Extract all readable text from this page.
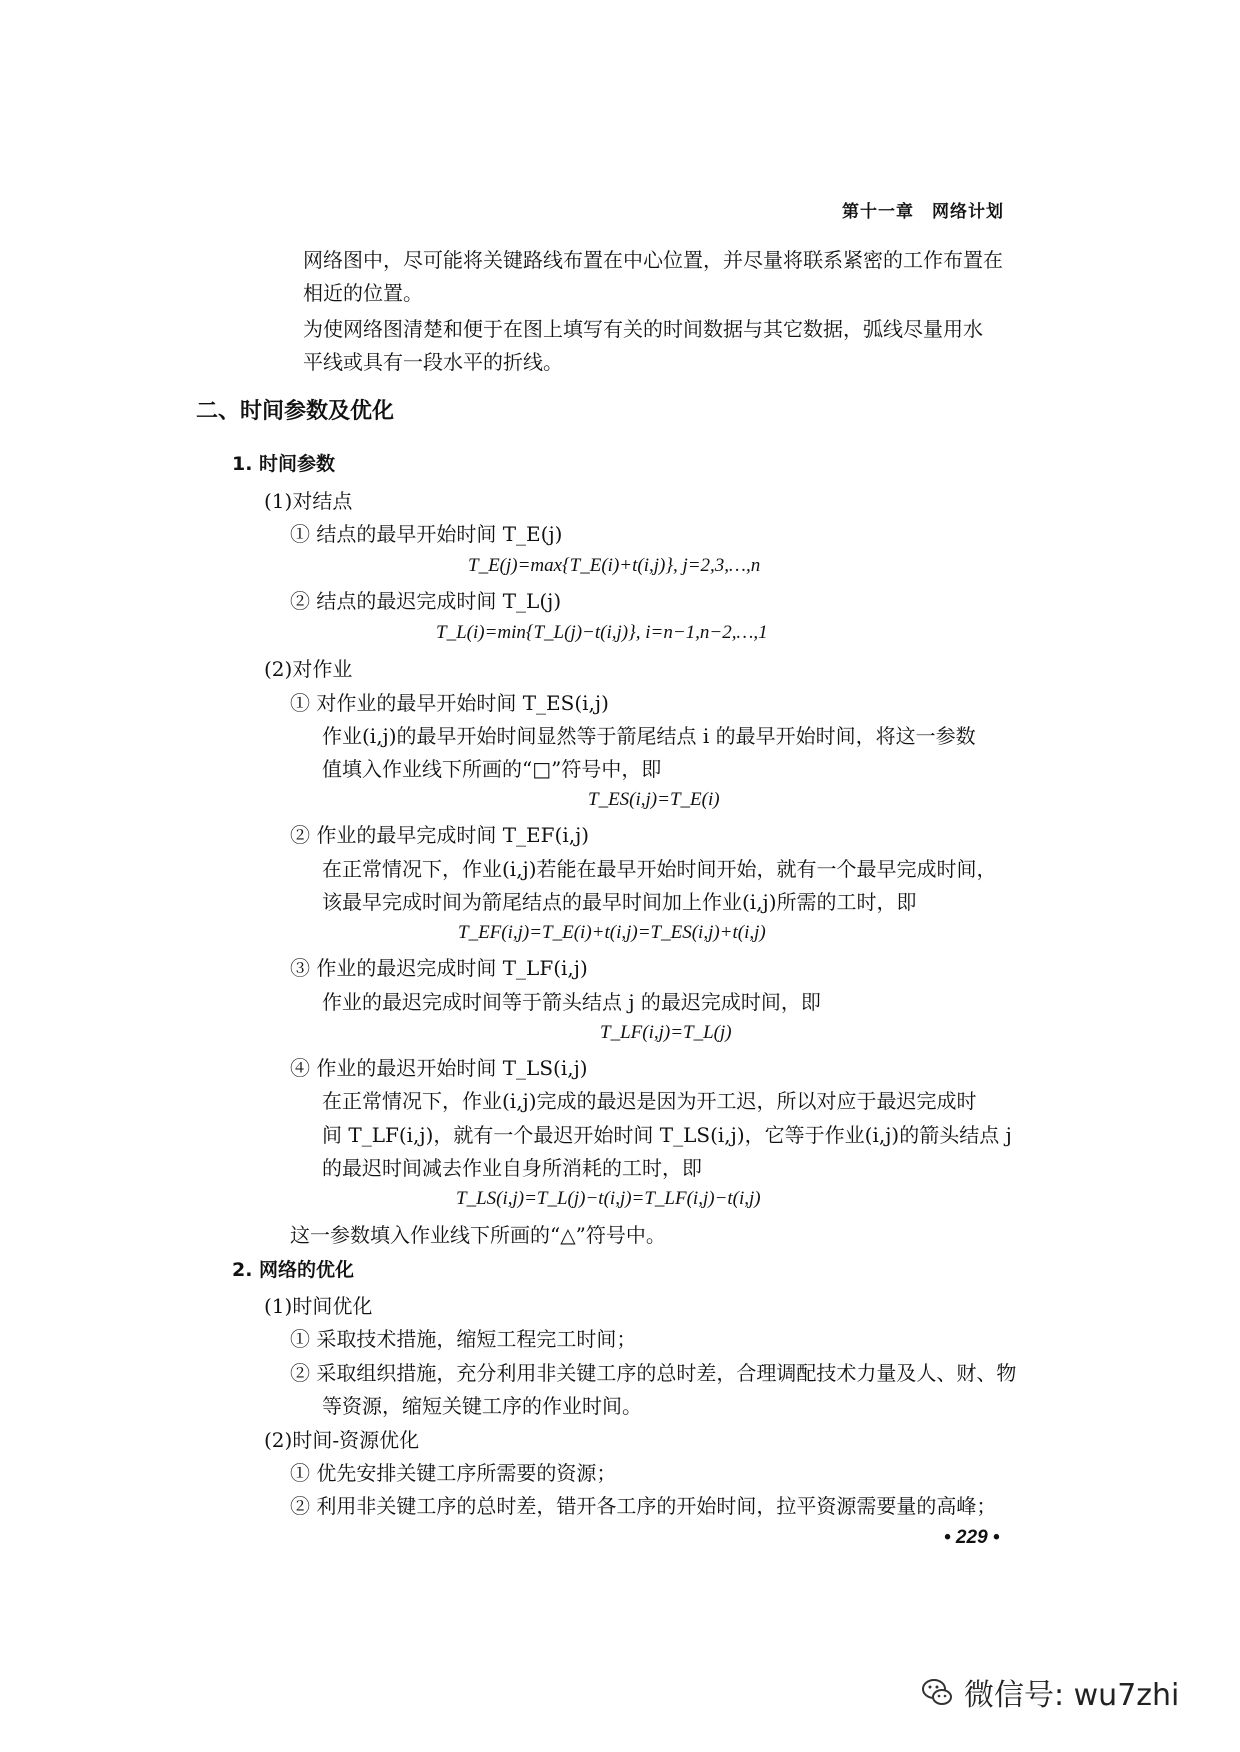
第十一章　网络计划
网络图中，尽可能将关键路线布置在中心位置，并尽量将联系紧密的工作布置在
相近的位置。
为使网络图清楚和便于在图上填写有关的时间数据与其它数据，弧线尽量用水
平线或具有一段水平的折线。
二、时间参数及优化
1. 时间参数
(1)对结点
① 结点的最早开始时间 T_E(j)
T_E(j)=max{T_E(i)+t(i,j)}, j=2,3,…,n
② 结点的最迟完成时间 T_L(j)
T_L(i)=min{T_L(j)−t(i,j)}, i=n−1,n−2,…,1
(2)对作业
① 对作业的最早开始时间 T_ES(i,j)
作业(i,j)的最早开始时间显然等于箭尾结点 i 的最早开始时间，将这一参数
值填入作业线下所画的“□”符号中，即
T_ES(i,j)=T_E(i)
② 作业的最早完成时间 T_EF(i,j)
在正常情况下，作业(i,j)若能在最早开始时间开始，就有一个最早完成时间，
该最早完成时间为箭尾结点的最早时间加上作业(i,j)所需的工时，即
T_EF(i,j)=T_E(i)+t(i,j)=T_ES(i,j)+t(i,j)
③ 作业的最迟完成时间 T_LF(i,j)
作业的最迟完成时间等于箭头结点 j 的最迟完成时间，即
T_LF(i,j)=T_L(j)
④ 作业的最迟开始时间 T_LS(i,j)
在正常情况下，作业(i,j)完成的最迟是因为开工迟，所以对应于最迟完成时
间 T_LF(i,j)，就有一个最迟开始时间 T_LS(i,j)，它等于作业(i,j)的箭头结点 j
的最迟时间减去作业自身所消耗的工时，即
T_LS(i,j)=T_L(j)−t(i,j)=T_LF(i,j)−t(i,j)
这一参数填入作业线下所画的“△”符号中。
2. 网络的优化
(1)时间优化
① 采取技术措施，缩短工程完工时间；
② 采取组织措施，充分利用非关键工序的总时差，合理调配技术力量及人、财、物
等资源，缩短关键工序的作业时间。
(2)时间-资源优化
① 优先安排关键工序所需要的资源；
② 利用非关键工序的总时差，错开各工序的开始时间，拉平资源需要量的高峰；
• 229 •
微信号: wu7zhi
